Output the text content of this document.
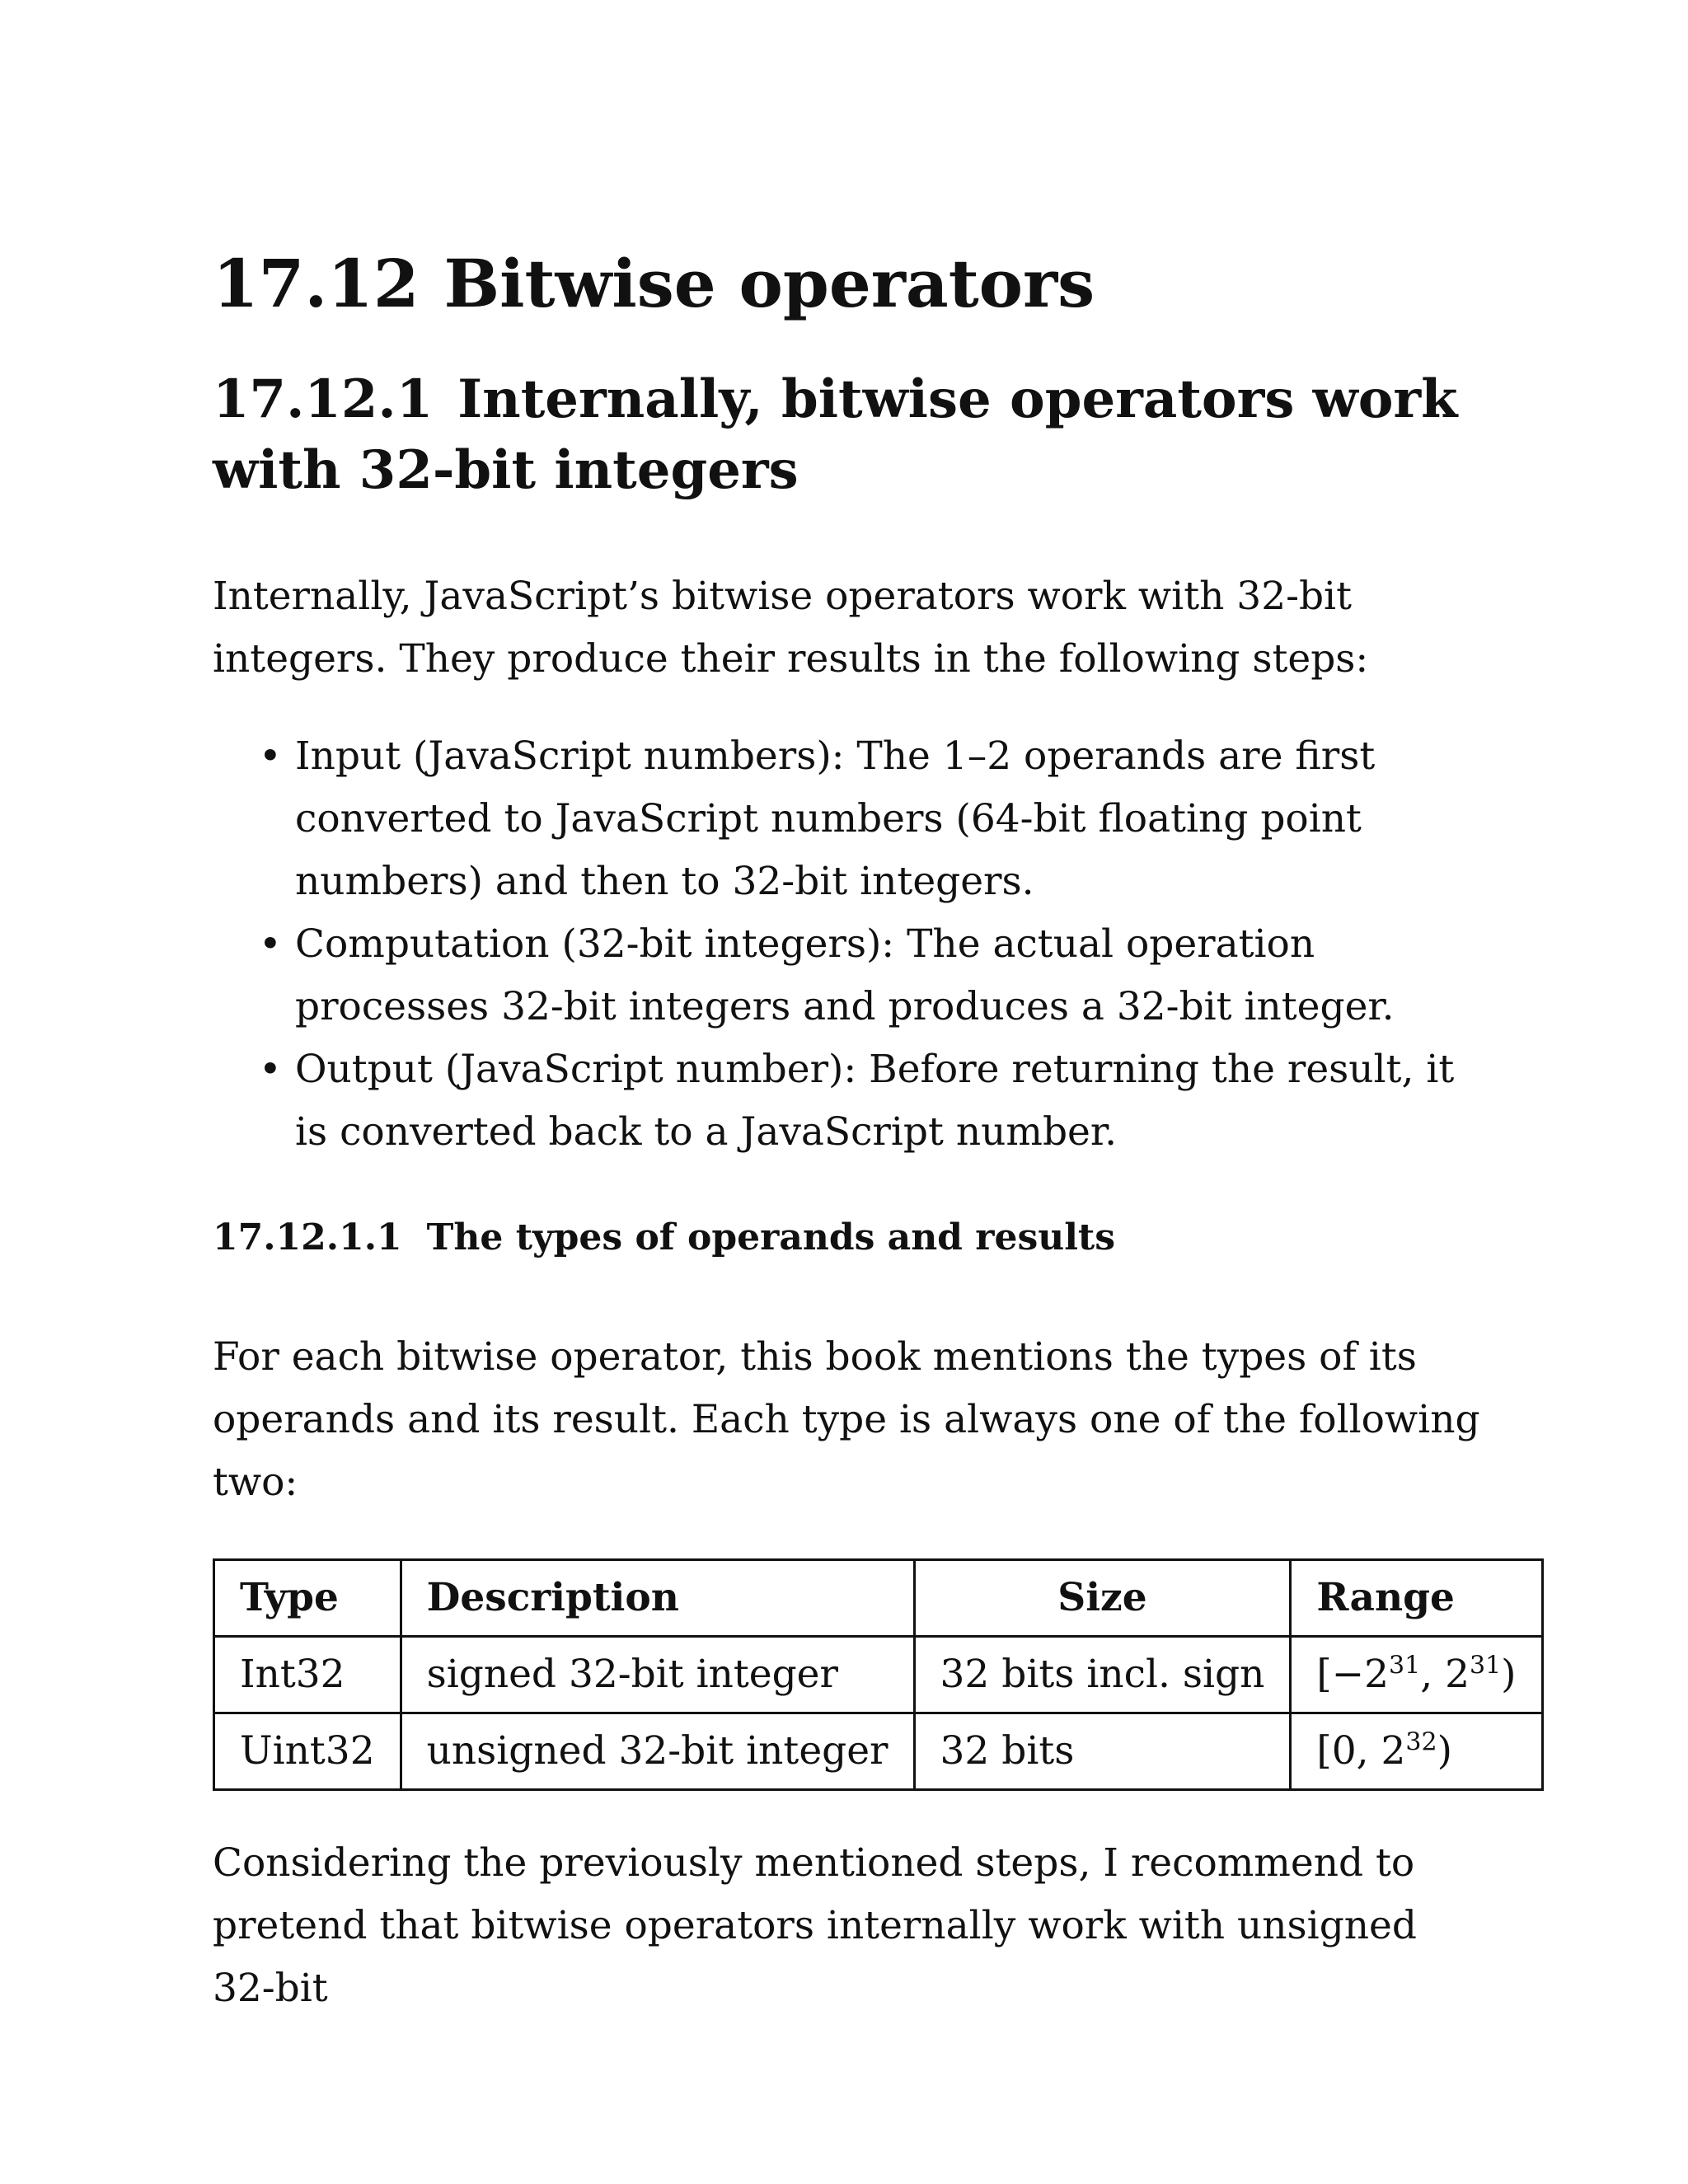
17.12 Bitwise operators
17.12.1 Internally, bitwise operators work with 32-bit integers

Internally, JavaScript’s bitwise operators work with 32-bit integers. They produce their results in the following steps:

• Input (JavaScript numbers): The 1–2 operands are first converted to JavaScript numbers (64-bit floating point numbers) and then to 32-bit integers.
• Computation (32-bit integers): The actual operation processes 32-bit integers and produces a 32-bit integer.
• Output (JavaScript number): Before returning the result, it is converted back to a JavaScript number.
17.12.1.1 The types of operands and results

For each bitwise operator, this book mentions the types of its operands and its result. Each type is always one of the following two:

Type	Description	Size	Range
Int32	signed 32-bit integer	32 bits incl. sign	[$-2^{31}$, $2^{31}$)
Uint32	unsigned 32-bit integer	32 bits	[0, $2^{32}$)

Considering the previously mentioned steps, I recommend to pretend that bitwise operators internally work with unsigned 32-bit
